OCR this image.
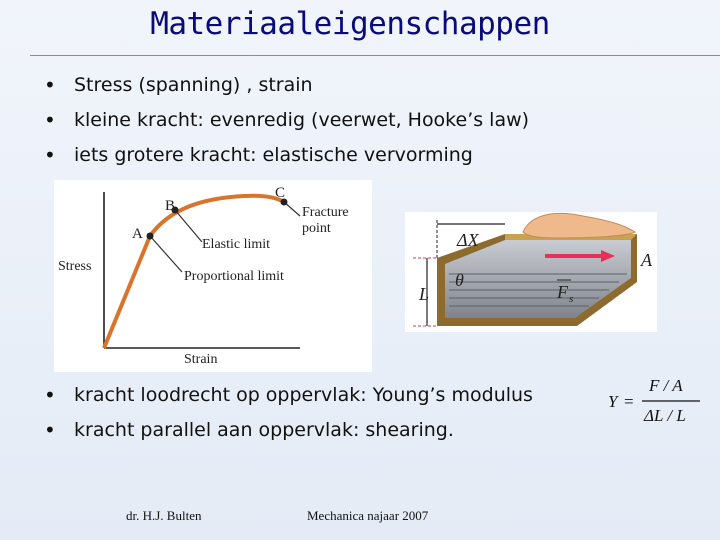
Materiaaleigenschappen
• Stress (spanning) , strain
• kleine kracht: evenredig (veerwet, Hooke’s law)
• iets grotere kracht: elastische vervorming
A
B
C
Fracture
point
Elastic limit
Proportional limit
Stress
Strain
ΔX
θ
L
A
F s
• kracht loodrecht op oppervlak: Young’s modulus
• kracht parallel aan oppervlak: shearing.
Y =
F / A
ΔL / L
dr. H.J. Bulten	Mechanica najaar 2007
